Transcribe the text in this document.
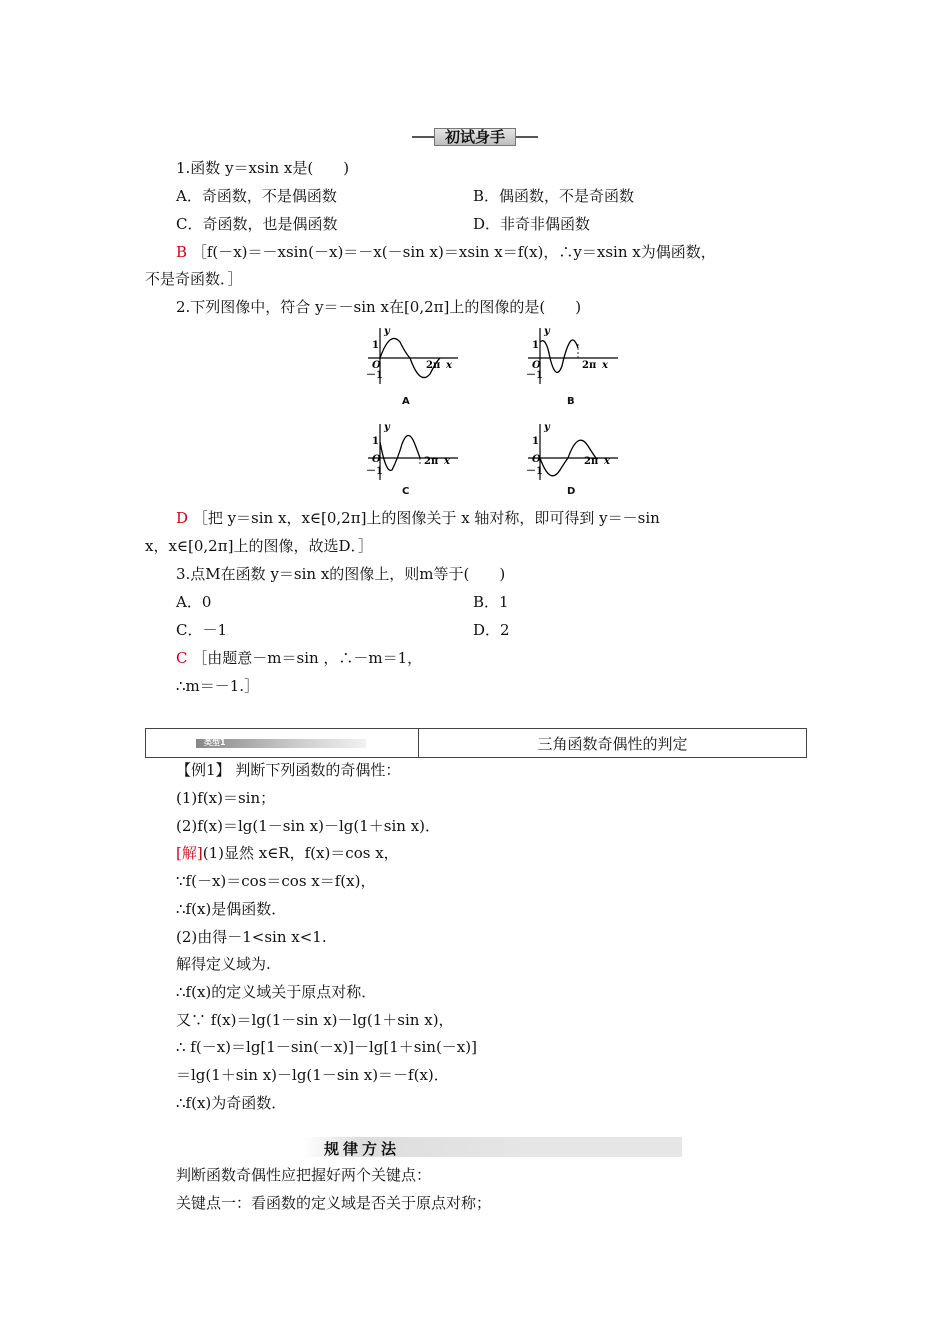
初试身手
1.函数 y＝xsin x是(　　)
A．奇函数，不是偶函数	B．偶函数，不是奇函数
C．奇函数，也是偶函数	D．非奇非偶函数
B ［f(－x)＝－xsin(－x)＝－x(－sin x)＝xsin x＝f(x)，∴y＝xsin x为偶函数，
不是奇函数．］
2.下列图像中，符合 y＝－sin x在[0,2π]上的图像的是(　　)
y
1
O
－1
2π x
A
y
1
O
－1
2π x
B
y
1
O
－1
2π x
C
y
1
O
－1
2π x
D
D ［把 y＝sin x，x∈[0,2π]上的图像关于 x 轴对称，即可得到 y＝－sin
x，x∈[0,2π]上的图像，故选D．］
3.点M在函数 y＝sin x的图像上，则m等于(　　)
A．0	B．1
C．－1	D．2
C ［由题意－m＝sin ，∴－m＝1，
∴m＝－1.］
类型1	三角函数奇偶性的判定
【例1】 判断下列函数的奇偶性：
(1)f(x)＝sin；
(2)f(x)＝lg(1－sin x)－lg(1＋sin x)．
[解](1)显然 x∈R，f(x)＝cos x，
∵f(－x)＝cos＝cos x＝f(x)，
∴f(x)是偶函数．
(2)由得－1<sin x<1.
解得定义域为.
∴f(x)的定义域关于原点对称．
又∵ f(x)＝lg(1－sin x)－lg(1＋sin x)，
∴ f(－x)＝lg[1－sin(－x)]－lg[1＋sin(－x)]
＝lg(1＋sin x)－lg(1－sin x)＝－f(x)．
∴f(x)为奇函数．
规律方法
判断函数奇偶性应把握好两个关键点：
关键点一：看函数的定义域是否关于原点对称；
